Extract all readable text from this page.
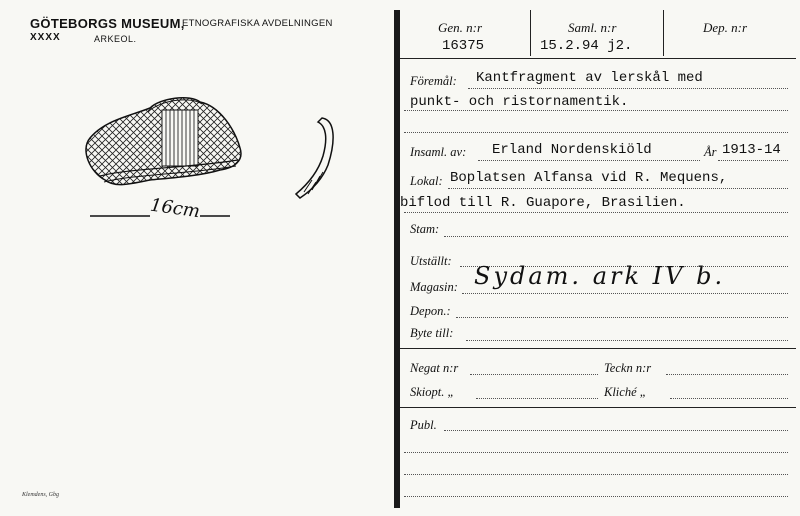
GÖTEBORGS MUSEUM,
ETNOGRAFISKA AVDELNINGEN
XXXX	ARKEOL.
16cm
Klemdens, Gbg
Gen. n:r
16375
Saml. n:r
15.2.94 j2.
Dep. n:r
Föremål: Kantfragment av lerskål med
punkt- och ristornamentik.
Insaml. av: Erland Nordenskiöld	År 1913-14
Lokal: Boplatsen Alfansa vid R. Mequens,
biflod till R. Guapore, Brasilien.
Stam:
Utställt:
Magasin: Sydam. ark IV b.
Depon.:
Byte till:
Negat n:r	Teckn n:r
Skiopt. „	Kliché „
Publ.
